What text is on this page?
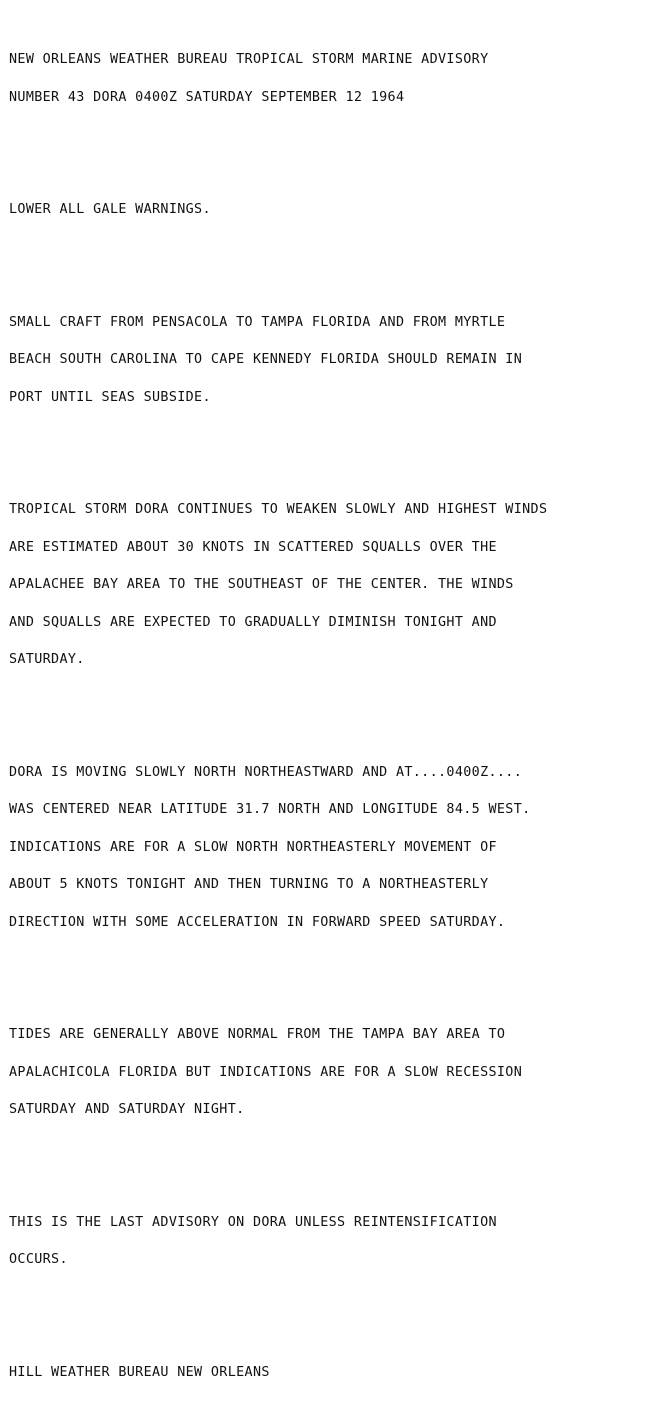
NEW ORLEANS WEATHER BUREAU TROPICAL STORM MARINE ADVISORY

NUMBER 43 DORA 0400Z SATURDAY SEPTEMBER 12 1964

LOWER ALL GALE WARNINGS.

SMALL CRAFT FROM PENSACOLA TO TAMPA FLORIDA AND FROM MYRTLE

BEACH SOUTH CAROLINA TO CAPE KENNEDY FLORIDA SHOULD REMAIN IN

PORT UNTIL SEAS SUBSIDE.

TROPICAL STORM DORA CONTINUES TO WEAKEN SLOWLY AND HIGHEST WINDS

ARE ESTIMATED ABOUT 30 KNOTS IN SCATTERED SQUALLS OVER THE

APALACHEE BAY AREA TO THE SOUTHEAST OF THE CENTER. THE WINDS

AND SQUALLS ARE EXPECTED TO GRADUALLY DIMINISH TONIGHT AND

SATURDAY.

DORA IS MOVING SLOWLY NORTH NORTHEASTWARD AND AT....0400Z....

WAS CENTERED NEAR LATITUDE 31.7 NORTH AND LONGITUDE 84.5 WEST.

INDICATIONS ARE FOR A SLOW NORTH NORTHEASTERLY MOVEMENT OF

ABOUT 5 KNOTS TONIGHT AND THEN TURNING TO A NORTHEASTERLY

DIRECTION WITH SOME ACCELERATION IN FORWARD SPEED SATURDAY.

TIDES ARE GENERALLY ABOVE NORMAL FROM THE TAMPA BAY AREA TO

APALACHICOLA FLORIDA BUT INDICATIONS ARE FOR A SLOW RECESSION

SATURDAY AND SATURDAY NIGHT.

THIS IS THE LAST ADVISORY ON DORA UNLESS REINTENSIFICATION

OCCURS.

HILL WEATHER BUREAU NEW ORLEANS
